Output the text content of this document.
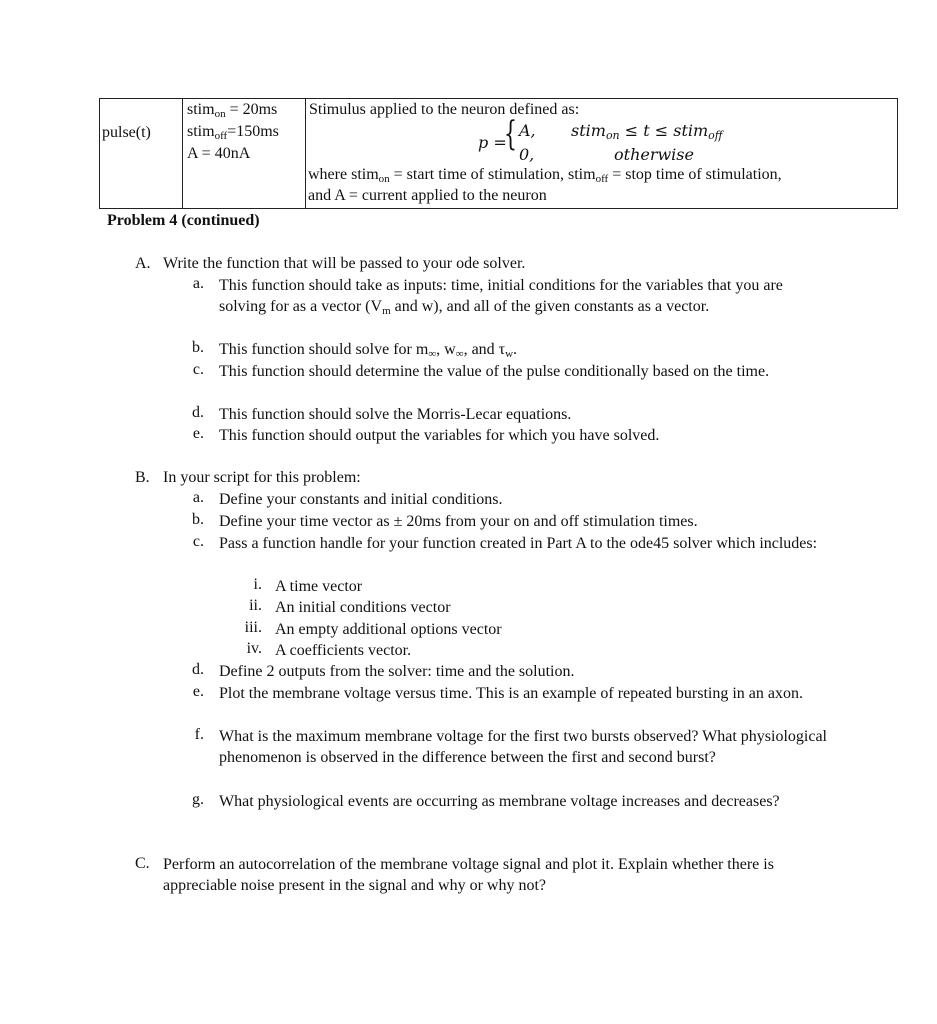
pulse(t)
stim$_{on}$ = 20ms
stim$_{off}$=150ms
A = 40nA
Stimulus applied to the neuron defined as:
p =
{ A, stim$_{on}$ ≤ t ≤ stim$_{off}$
0,	otherwise
where stim$_{on}$ = start time of stimulation, stim$_{off}$ = stop time of stimulation,
and A = current applied to the neuron
Problem 4 (continued)
A. Write the function that will be passed to your ode solver.
a. This function should take as inputs: time, initial conditions for the variables that you are solving for as a vector ($V_m$ and w), and all of the given constants as a vector.
b. This function should solve for $m_\infty$, $w_\infty$, and $\tau_w$.
c. This function should determine the value of the pulse conditionally based on the time.
d. This function should solve the Morris-Lecar equations.
e. This function should output the variables for which you have solved.
B. In your script for this problem:
a. Define your constants and initial conditions.
b. Define your time vector as ± 20ms from your on and off stimulation times.
c. Pass a function handle for your function created in Part A to the ode45 solver which includes:
i. A time vector
ii. An initial conditions vector
iii. An empty additional options vector
iv. A coefficients vector.
d. Define 2 outputs from the solver: time and the solution.
e. Plot the membrane voltage versus time. This is an example of repeated bursting in an axon.
f. What is the maximum membrane voltage for the first two bursts observed? What physiological phenomenon is observed in the difference between the first and second burst?
g. What physiological events are occurring as membrane voltage increases and decreases?
C. Perform an autocorrelation of the membrane voltage signal and plot it. Explain whether there is appreciable noise present in the signal and why or why not?
